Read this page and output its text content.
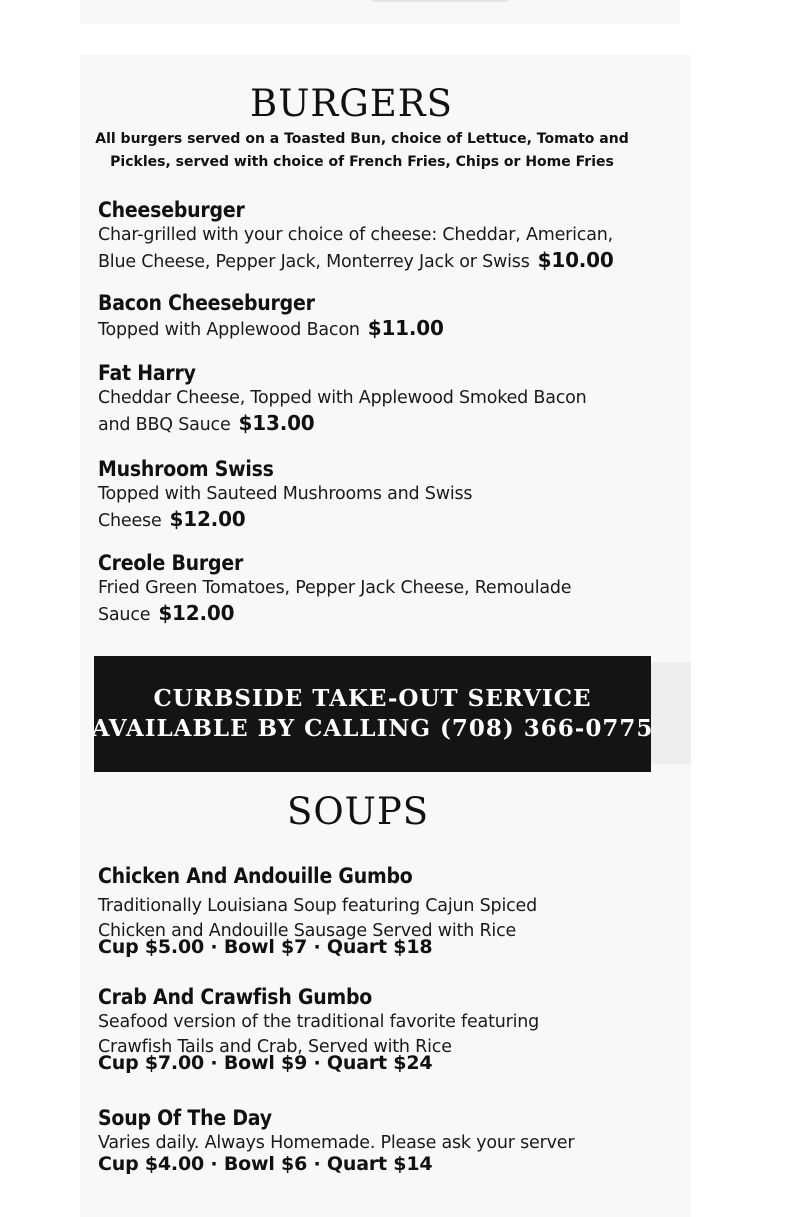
BURGERS

All burgers served on a Toasted Bun, choice of Lettuce, Tomato and Pickles, served with choice of French Fries, Chips or Home Fries

Cheeseburger

Char-grilled with your choice of cheese: Cheddar, American,
Blue Cheese, Pepper Jack, Monterrey Jack or Swiss $10.00

Bacon Cheeseburger

Topped with Applewood Bacon $11.00

Fat Harry

Cheddar Cheese, Topped with Applewood Smoked Bacon
and BBQ Sauce $13.00

Mushroom Swiss

Topped with Sauteed Mushrooms and Swiss
Cheese $12.00

Creole Burger

Fried Green Tomatoes, Pepper Jack Cheese, Remoulade
Sauce $12.00

CURBSIDE TAKE-OUT SERVICE
AVAILABLE BY CALLING (708) 366-0775
SOUPS

Chicken And Andouille Gumbo

Traditionally Louisiana Soup featuring Cajun Spiced
Chicken and Andouille Sausage Served with Rice

Cup $5.00 · Bowl $7 · Quart $18

Crab And Crawfish Gumbo

Seafood version of the traditional favorite featuring
Crawfish Tails and Crab, Served with Rice

Cup $7.00 · Bowl $9 · Quart $24

Soup Of The Day

Varies daily. Always Homemade. Please ask your server

Cup $4.00 · Bowl $6 · Quart $14
